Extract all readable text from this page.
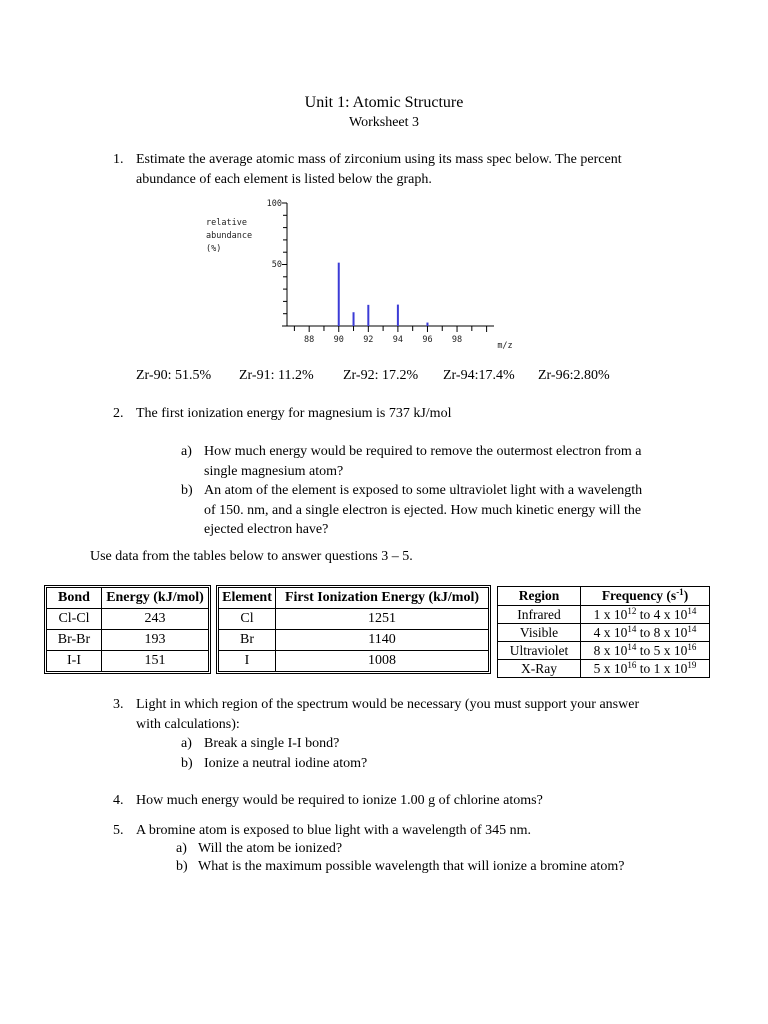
Unit 1: Atomic Structure
Worksheet 3
1. Estimate the average atomic mass of zirconium using its mass spec below. The percent
abundance of each element is listed below the graph.
relative
abundance
(%)
100
50
88 90 92 94 96 98
m/z
Zr-90: 51.5% Zr-91: 11.2% Zr-92: 17.2% Zr-94:17.4% Zr-96:2.80%
2. The first ionization energy for magnesium is 737 kJ/mol
a) How much energy would be required to remove the outermost electron from a
single magnesium atom?
b) An atom of the element is exposed to some ultraviolet light with a wavelength
of 150. nm, and a single electron is ejected. How much kinetic energy will the
ejected electron have?
Use data from the tables below to answer questions 3 – 5.
Bond	Energy (kJ/mol)
Cl-Cl	243
Br-Br	193
I-I	151
Element	First Ionization Energy (kJ/mol)
Cl	1251
Br	1140
I	1008
Region	Frequency $(s^{-1})$
Infrared	1 x $10^{12}$ to 4 x $10^{14}$
Visible	4 x $10^{14}$ to 8 x $10^{14}$
Ultraviolet	8 x $10^{14}$ to 5 x $10^{16}$
X-Ray	5 x $10^{16}$ to 1 x $10^{19}$
3. Light in which region of the spectrum would be necessary (you must support your answer
with calculations):
a) Break a single I-I bond?
b) Ionize a neutral iodine atom?
4. How much energy would be required to ionize 1.00 g of chlorine atoms?
5. A bromine atom is exposed to blue light with a wavelength of 345 nm.
a) Will the atom be ionized?
b) What is the maximum possible wavelength that will ionize a bromine atom?
